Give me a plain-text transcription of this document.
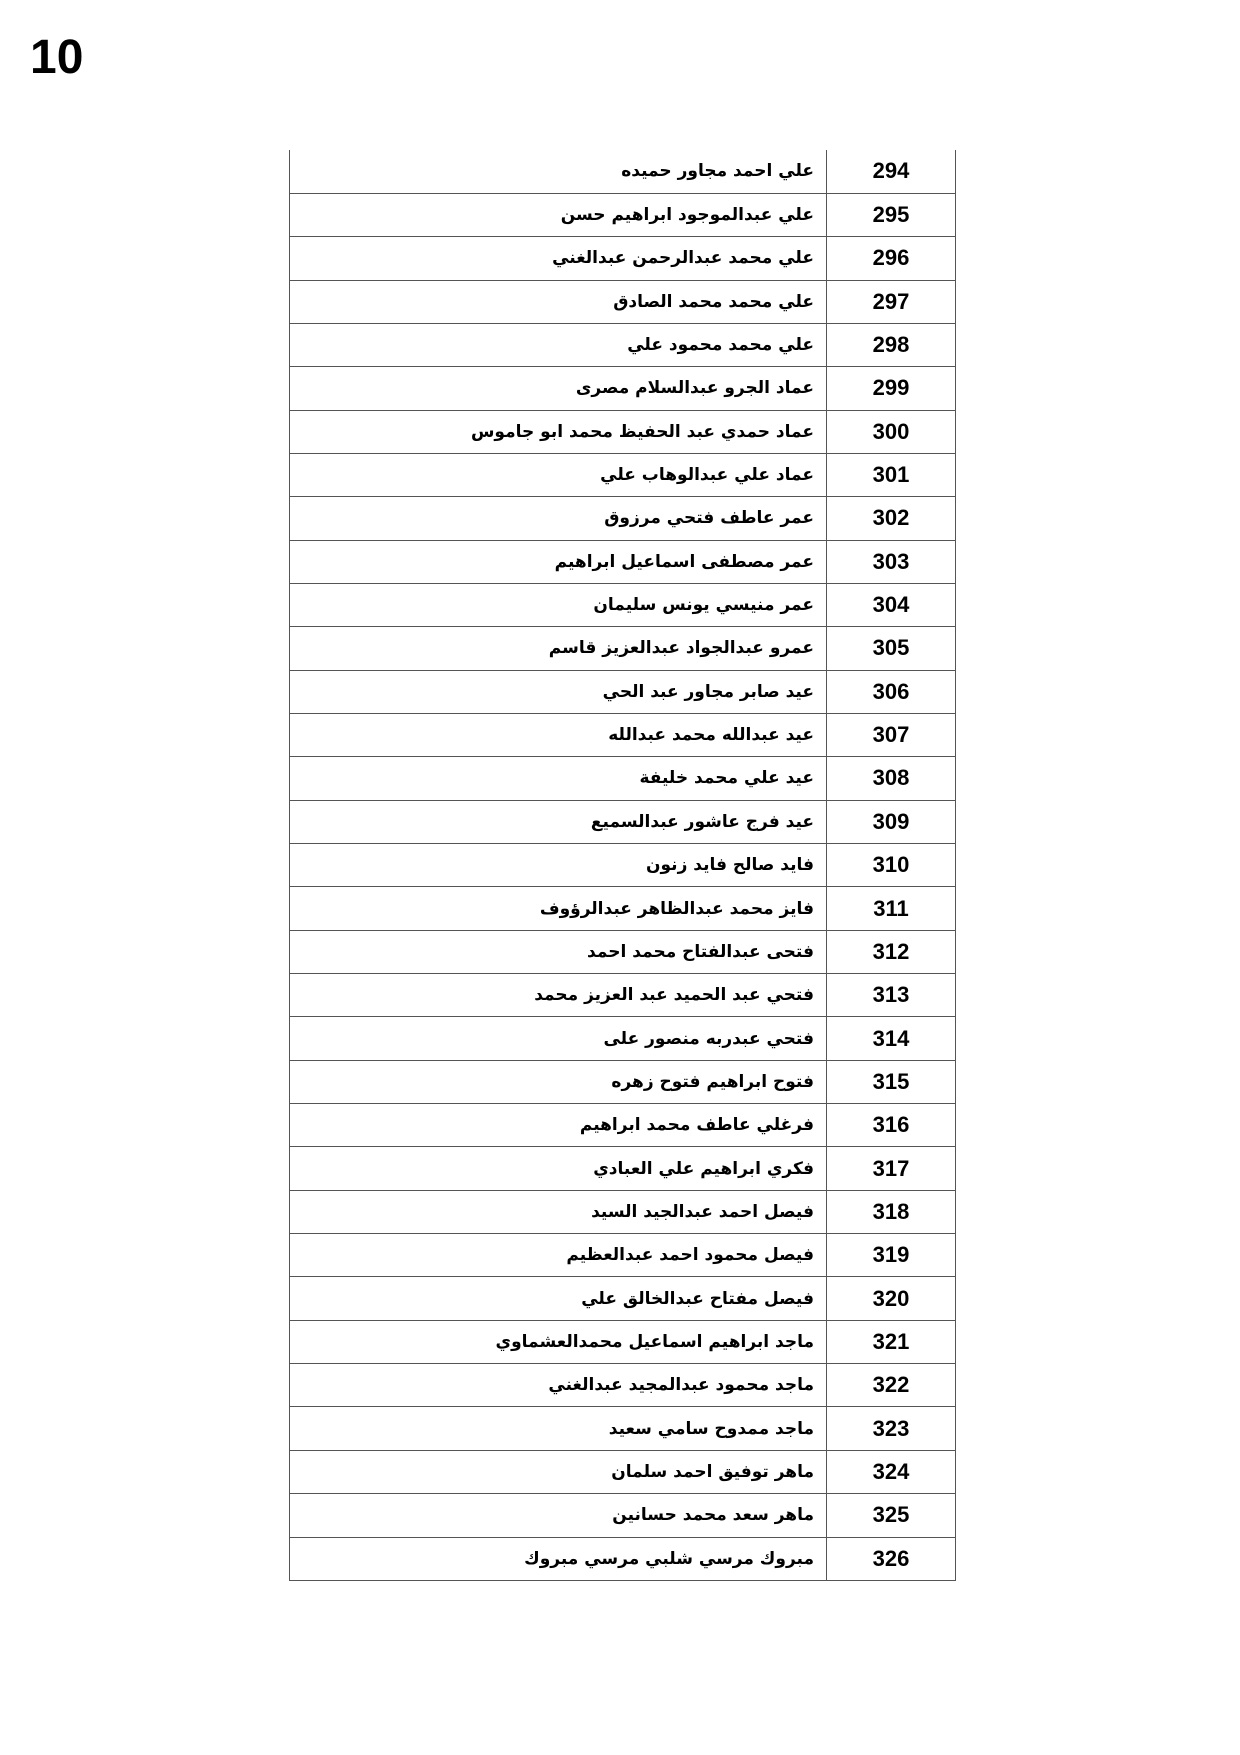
10
علي احمد مجاور حميده	294
علي عبدالموجود ابراهيم حسن	295
علي محمد عبدالرحمن عبدالغني	296
علي محمد محمد الصادق	297
علي محمد محمود علي	298
عماد الجرو عبدالسلام مصرى	299
عماد حمدي عبد الحفيظ محمد ابو جاموس	300
عماد علي عبدالوهاب علي	301
عمر عاطف فتحي مرزوق	302
عمر مصطفى اسماعيل ابراهيم	303
عمر منيسي يونس سليمان	304
عمرو عبدالجواد عبدالعزيز قاسم	305
عيد صابر مجاور عبد الحي	306
عيد عبدالله محمد عبدالله	307
عيد علي محمد خليفة	308
عيد فرج عاشور عبدالسميع	309
فايد صالح فايد زنون	310
فايز محمد عبدالظاهر عبدالرؤوف	311
فتحى عبدالفتاح محمد احمد	312
فتحي عبد الحميد عبد العزيز محمد	313
فتحي عبدربه منصور على	314
فتوح ابراهيم فتوح زهره	315
فرغلي عاطف محمد ابراهيم	316
فكري ابراهيم علي العبادي	317
فيصل احمد عبدالجيد السيد	318
فيصل محمود احمد عبدالعظيم	319
فيصل مفتاح عبدالخالق علي	320
ماجد ابراهيم اسماعيل محمدالعشماوي	321
ماجد محمود عبدالمجيد عبدالغني	322
ماجد ممدوح سامي سعيد	323
ماهر توفيق احمد سلمان	324
ماهر سعد محمد حسانين	325
مبروك مرسي شلبي مرسي مبروك	326
